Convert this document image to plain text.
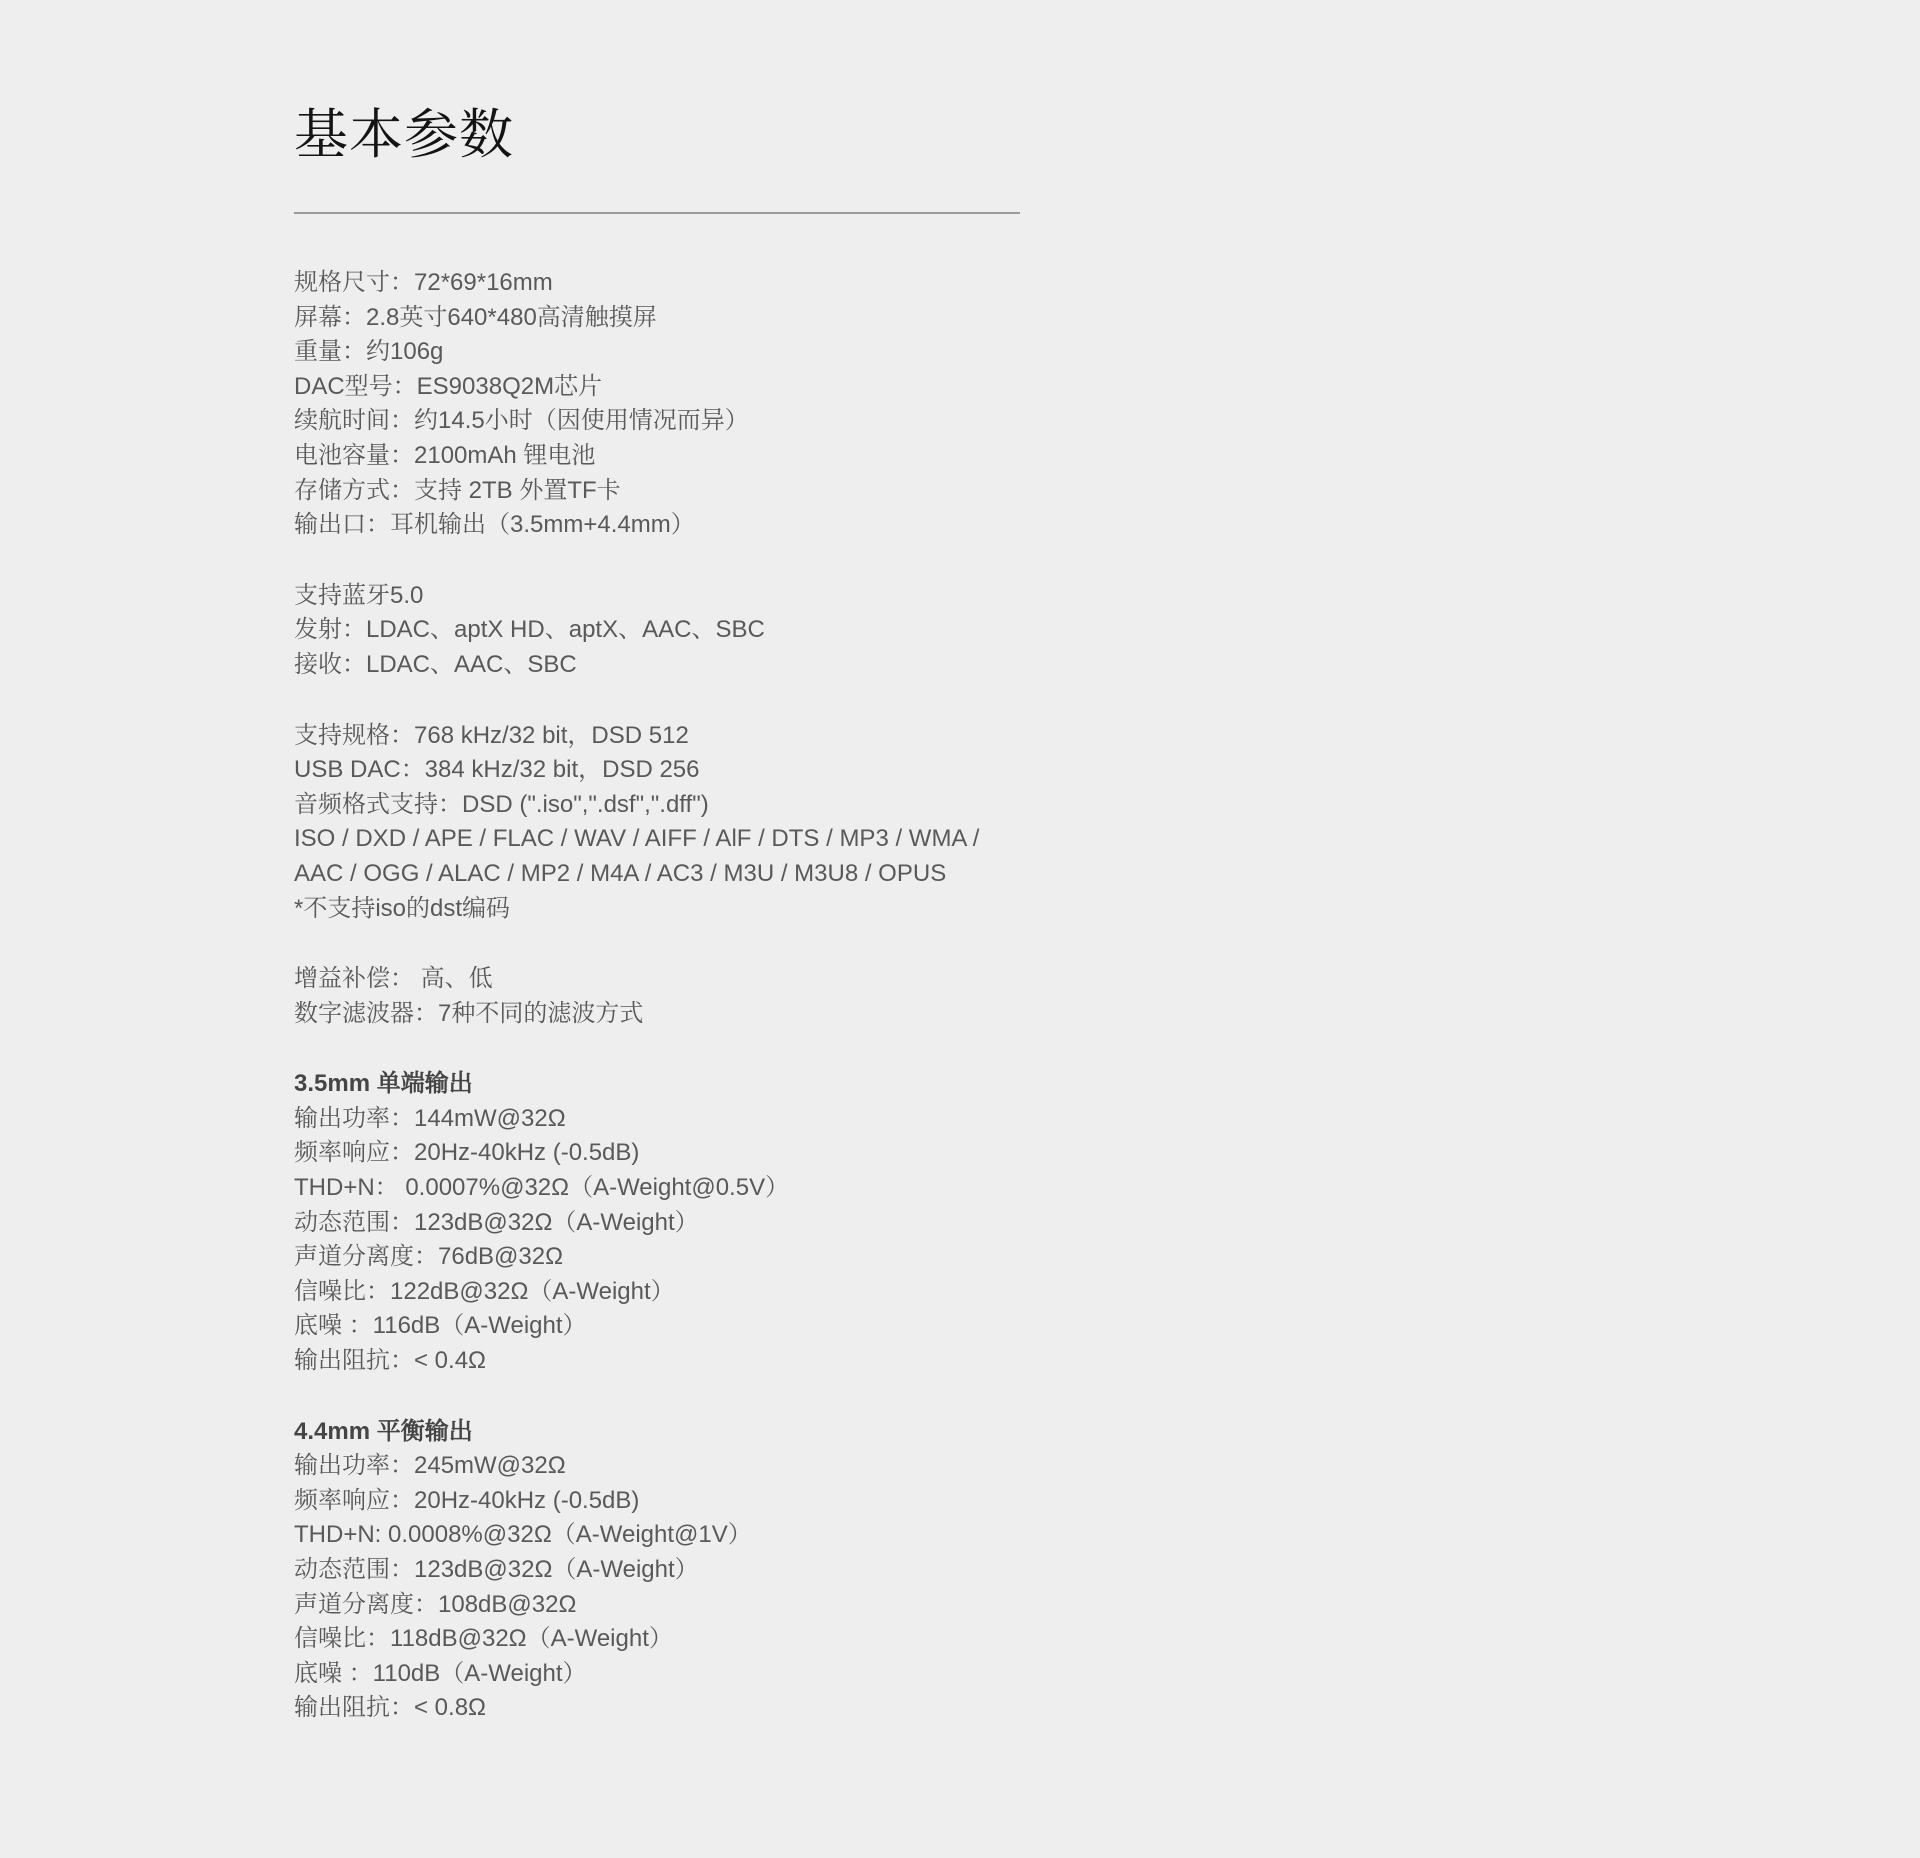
基本参数
规格尺寸：72*69*16mm
屏幕：2.8英寸640*480高清触摸屏
重量：约106g
DAC型号：ES9038Q2M芯片
续航时间：约14.5小时（因使用情况而异）
电池容量：2100mAh 锂电池
存储方式：支持 2TB 外置TF卡
输出口：耳机输出（3.5mm+4.4mm）
支持蓝牙5.0
发射：LDAC、aptX HD、aptX、AAC、SBC
接收：LDAC、AAC、SBC
支持规格：768 kHz/32 bit，DSD 512
USB DAC：384 kHz/32 bit，DSD 256
音频格式支持：DSD (".iso",".dsf",".dff")
ISO / DXD / APE / FLAC / WAV / AIFF / AlF / DTS / MP3 / WMA / AAC / OGG / ALAC / MP2 / M4A / AC3 / M3U / M3U8 / OPUS
*不支持iso的dst编码
增益补偿： 高、低
数字滤波器：7种不同的滤波方式
3.5mm 单端输出
输出功率：144mW@32Ω
频率响应：20Hz-40kHz (-0.5dB)
THD+N： 0.0007%@32Ω（A-Weight@0.5V）
动态范围：123dB@32Ω（A-Weight）
声道分离度：76dB@32Ω
信噪比：122dB@32Ω（A-Weight）
底噪 ：116dB（A-Weight）
输出阻抗：< 0.4Ω
4.4mm 平衡输出
输出功率：245mW@32Ω
频率响应：20Hz-40kHz (-0.5dB)
THD+N: 0.0008%@32Ω（A-Weight@1V）
动态范围：123dB@32Ω（A-Weight）
声道分离度：108dB@32Ω
信噪比：118dB@32Ω（A-Weight）
底噪 ：110dB（A-Weight）
输出阻抗：< 0.8Ω
